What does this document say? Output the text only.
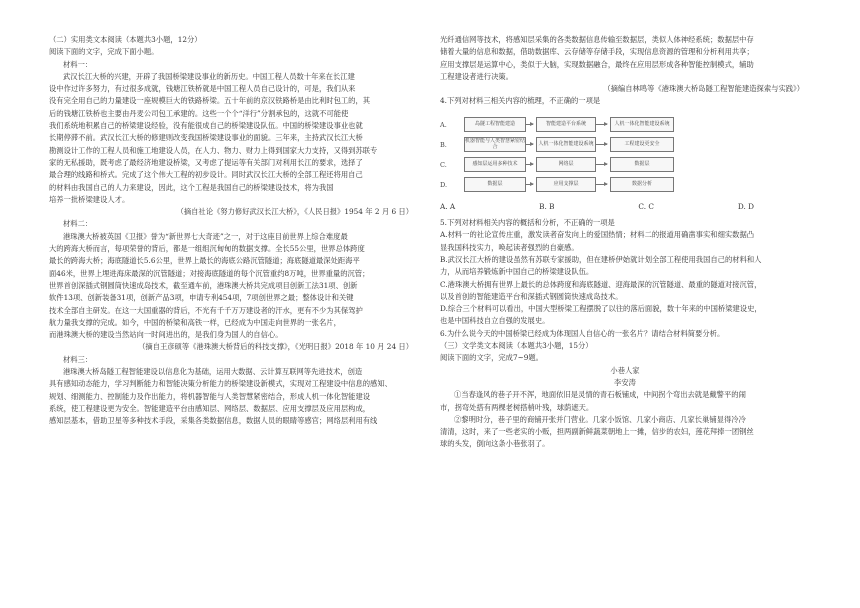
（二）实用类文本阅读（本题共3小题，12分）
阅读下面的文字，完成下面小题。
材料一：
武汉长江大桥的兴建，开辟了我国桥梁建设事业的新历史。中国工程人员数十年来在长江建
设中作过许多努力，有过很多成就，钱塘江铁桥就是中国工程人员自己设计的，可是，我们从来
没有完全用自己的力量建设一座规模巨大的铁路桥梁。五十年前的京汉铁路桥是由比利时包工的，其
后的钱塘江铁桥也主要由丹麦公司包工承建的。这些一个个“洋行”分割承包的，这就不可能使
我们系统地积累自己的桥梁建设经验，没有能很成自己的桥梁建设队伍。中国的桥梁建设事业也就
长期停滞不前。武汉长江大桥的修建则改变我国桥梁建设事业的面貌。三年来，主持武汉长江大桥
勘测设计工作的工程人员和施工地建设人员，在人力、物力、财力上得到国家大力支持，又得到苏联专
家的无私援助，既考虑了最经济地建设桥梁，又考虑了提运等有关部门对利用长江的要求，选择了
最合理的线路和桥式。完成了这个伟大工程的初步设计。同时武汉长江大桥的全部工程还将用自己
的材料由我国自己的人力来建设，因此，这个工程是我国自己的桥梁建设技术，将为我国
培养一批桥梁建设人才。
（摘自社论《努力修好武汉长江大桥》，《人民日报》1954 年 2 月 6 日）
材料二：
港珠澳大桥被英国《卫报》誉为“新世界七大奇迹”之一，对于这座目前世界上综合难度最
大的跨海大桥而言，每项荣誉的背后，都是一组组沉甸甸的数据支撑。全长55公里，世界总体跨度
最长的跨海大桥；海底隧道长5.6公里，世界上最长的海底公路沉管隧道；海底隧道最深处距海平
面46米，世界上埋进海床最深的沉管隧道；对接海底隧道的每个沉管重约8万吨，世界重量的沉管；
世界首创深插式钢圆筒快速成岛技术，截至通车前，港珠澳大桥共完成项目创新工法31项、创新
软件13项、创新装备31项，创新产品3项，申请专利454项，7项创世界之最；整体设计和关键
技术全部自主研发。在这一大国重器的背后，不光有千千万万建设者的汗水，更有不少为其保驾护
航力量我支撑的完成。如今，中国的桥梁和高铁一样，已经成为中国走向世界的一张名片，
而港珠澳大桥的建设当然站向一时间进出的，是我们身为国人的自信心。
（摘自王彦硕等《港珠澳大桥背后的科技支撑》，《光明日报》2018 年 10 月 24 日）
材料三：
港珠澳大桥岛隧工程智能建设以信息化为基础，运用大数据、云计算互联网等先进技术，创造
具有感知动态能力，学习判断能力和智能决策分析能力的桥梁建设新模式，实现对工程建设中信息的感知、
规划、细测能力、控制能力及作出能力，将机器智能与人类智慧紧密结合，形成人机一体化智能建设
系统，使工程建设更为安全。智能建造平台由感知层、网络层、数据层、应用支撑层及应用层构成，
感知层基本，借助卫星等多种技术手段，采集各类数据信息，数据人员的眼睛等感官；网络层利用有线
光纤通信网等技术，将感知层采集的各类数据信息传输至数据层，类似人体神经系统；数据层中存
储着大量的信息和数据，借助数据库、云存储等存储手段，实现信息资源的管理和分析利用共享；
应用支撑层是运算中心，类似于大脑，实现数据融合，最终在应用层形成各种智能控制模式，辅助
工程建设者进行决策。
（摘编自林鸣等《港珠澳大桥岛隧工程智能建造探索与实践》）
4.下列对材料三相关内容的梳理，不正确的一项是
A.	岛隧工程智能建造	智能建造平台系统	人机一体化智能建设系统
B.	机器智能与人类智慧紧密结合	人机一体化智能建设系统	工程建设更安全
C.	感知层运用多种技术	网络层	数据层
D.	数据层	应用支撑层	数据分析
A. A	B. B	C. C	D. D
5.下列对材料相关内容的概括和分析，不正确的一项是
A.材料一的社论宣传庄重，激发读者奋发向上的爱国热情；材料二的报道用确凿事实和细实数据凸
显我国科技实力，唤起读者强烈的自豪感。
B.武汉长江大桥的建设虽然有苏联专家援助，但在建桥伊始就计划全部工程使用我国自己的材料和人
力，从而培养锻炼新中国自己的桥梁建设队伍。
C.港珠澳大桥拥有世界上最长的总体跨度和海底隧道、迎海最深的沉管隧道、最重的隧道对接沉管，
以及首创的智能建造平台和深插式钢圆筒快速成岛技术。
D.综合三个材料可以看出，中国大型桥梁工程摆脱了以往的落后面貌，数十年来的中国桥梁建设史，
也是中国科技自立自强的发展史。
6.为什么说今天的中国桥梁已经成为体现国人自信心的一张名片？请结合材料简要分析。
（三）文学类文本阅读（本题共3小题，15分）
阅读下面的文字，完成7~9题。
小巷人家
李安涛
①当春逢风的巷子开不浑，地面依旧是灵情的青石板铺成，中间拐个弯出去就是戴警平的闹
市，拐弯处搭有两棵老树搭梢叶残，球荫遮天。
②黎明时分，巷子里的商铺开张并门营业。几家小饭馆、几家小商店、几家长巢铺显得冷冷
清清，这时，来了一些老实的小贩，担两副新鲜蔬菜朝地上一摊，信步的农妇，莲花拜捧一团钢丝
球的头发，倒向这条小巷张羽了。
